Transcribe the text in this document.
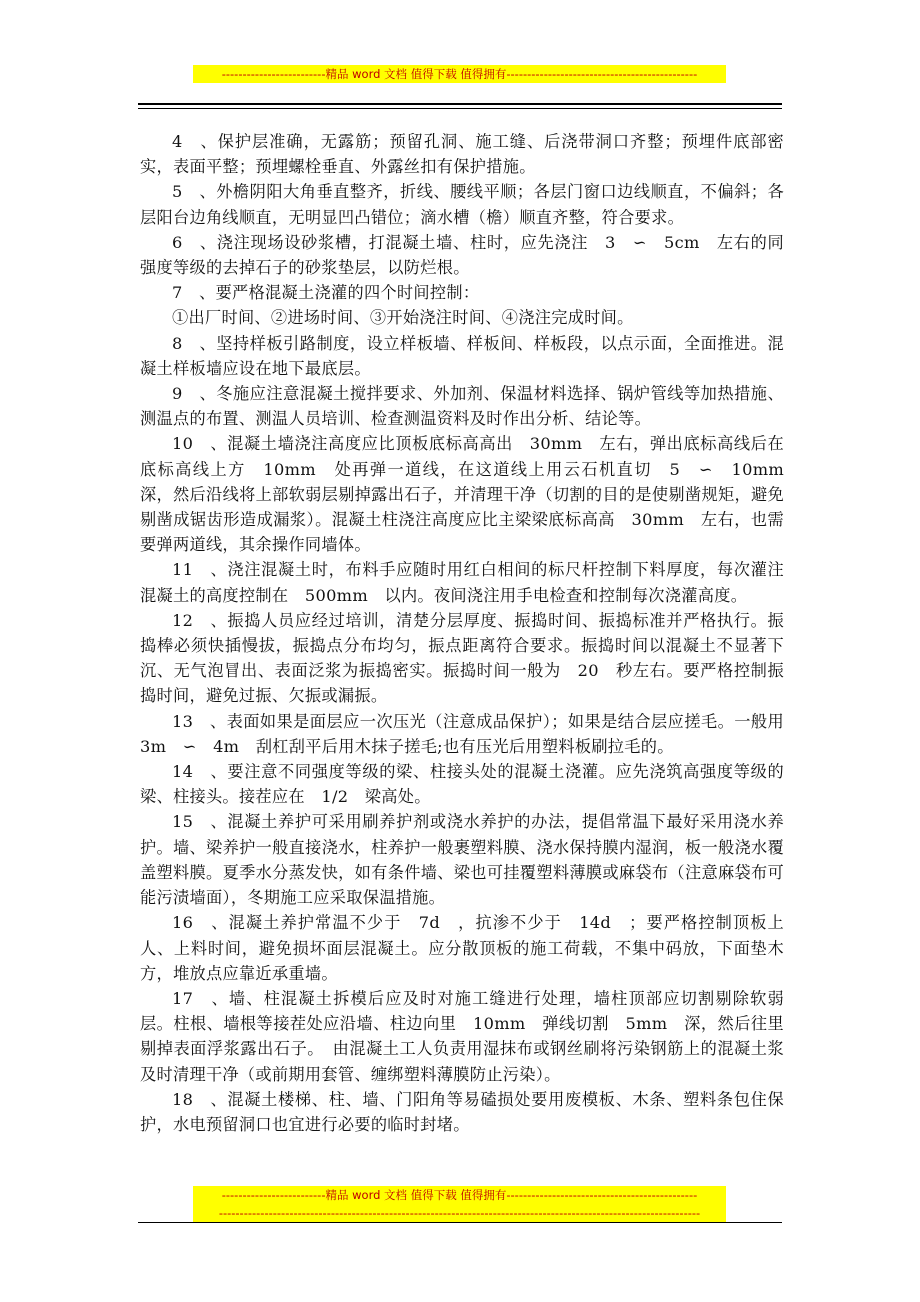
-------------------------精品 word 文档 值得下载 值得拥有----------------------------------------------

4　、保护层准确，无露筋；预留孔洞、施工缝、后浇带洞口齐整；预埋件底部密实，表面平整；预埋螺栓垂直、外露丝扣有保护措施。

5　、外檐阴阳大角垂直整齐，折线、腰线平顺；各层门窗口边线顺直，不偏斜；各层阳台边角线顺直，无明显凹凸错位；滴水槽（檐）顺直齐整，符合要求。

6　、浇注现场设砂浆槽，打混凝土墙、柱时，应先浇注　3　∽　5cm　左右的同强度等级的去掉石子的砂浆垫层，以防烂根。

7　、要严格混凝土浇灌的四个时间控制：

①出厂时间、②进场时间、③开始浇注时间、④浇注完成时间。

8　、坚持样板引路制度，设立样板墙、样板间、样板段，以点示面，全面推进。混凝土样板墙应设在地下最底层。

9　、冬施应注意混凝土搅拌要求、外加剂、保温材料选择、锅炉管线等加热措施、测温点的布置、测温人员培训、检查测温资料及时作出分析、结论等。

10　、混凝土墙浇注高度应比顶板底标高高出　30mm　左右，弹出底标高线后在底标高线上方　10mm　处再弹一道线，在这道线上用云石机直切　5　∽　10mm　深，然后沿线将上部软弱层剔掉露出石子，并清理干净（切割的目的是使剔凿规矩，避免剔凿成锯齿形造成漏浆）。混凝土柱浇注高度应比主梁梁底标高高　30mm　左右，也需要弹两道线，其余操作同墙体。

11　、浇注混凝土时，布料手应随时用红白相间的标尺杆控制下料厚度，每次灌注混凝土的高度控制在　500mm　以内。夜间浇注用手电检查和控制每次浇灌高度。

12　、振捣人员应经过培训，清楚分层厚度、振捣时间、振捣标准并严格执行。振捣棒必须快插慢拔，振捣点分布均匀，振点距离符合要求。振捣时间以混凝土不显著下沉、无气泡冒出、表面泛浆为振捣密实。振捣时间一般为　20　秒左右。要严格控制振捣时间，避免过振、欠振或漏振。

13　、表面如果是面层应一次压光（注意成品保护）；如果是结合层应搓毛。一般用　3m　∽　4m　刮杠刮平后用木抹子搓毛;也有压光后用塑料板刷拉毛的。

14　、要注意不同强度等级的梁、柱接头处的混凝土浇灌。应先浇筑高强度等级的梁、柱接头。接茬应在　1/2　梁高处。

15　、混凝土养护可采用刷养护剂或浇水养护的办法，提倡常温下最好采用浇水养护。墙、梁养护一般直接浇水，柱养护一般裹塑料膜、浇水保持膜内湿润，板一般浇水覆盖塑料膜。夏季水分蒸发快，如有条件墙、梁也可挂覆塑料薄膜或麻袋布（注意麻袋布可能污渍墙面），冬期施工应采取保温措施。

16　、混凝土养护常温不少于　7d　，抗渗不少于　14d　；要严格控制顶板上人、上料时间，避免损坏面层混凝土。应分散顶板的施工荷载，不集中码放，下面垫木方，堆放点应靠近承重墙。

17　、墙、柱混凝土拆模后应及时对施工缝进行处理，墙柱顶部应切割剔除软弱层。柱根、墙根等接茬处应沿墙、柱边向里　10mm　弹线切割　5mm　深，然后往里剔掉表面浮浆露出石子。　由混凝土工人负责用湿抹布或钢丝刷将污染钢筋上的混凝土浆及时清理干净（或前期用套管、缠绑塑料薄膜防止污染）。

18　、混凝土楼梯、柱、墙、门阳角等易磕损处要用废模板、木条、塑料条包住保护，水电预留洞口也宜进行必要的临时封堵。

-------------------------精品 word 文档 值得下载 值得拥有----------------------------------------------
--------------------------------------------------------------------------------------------------------------------
